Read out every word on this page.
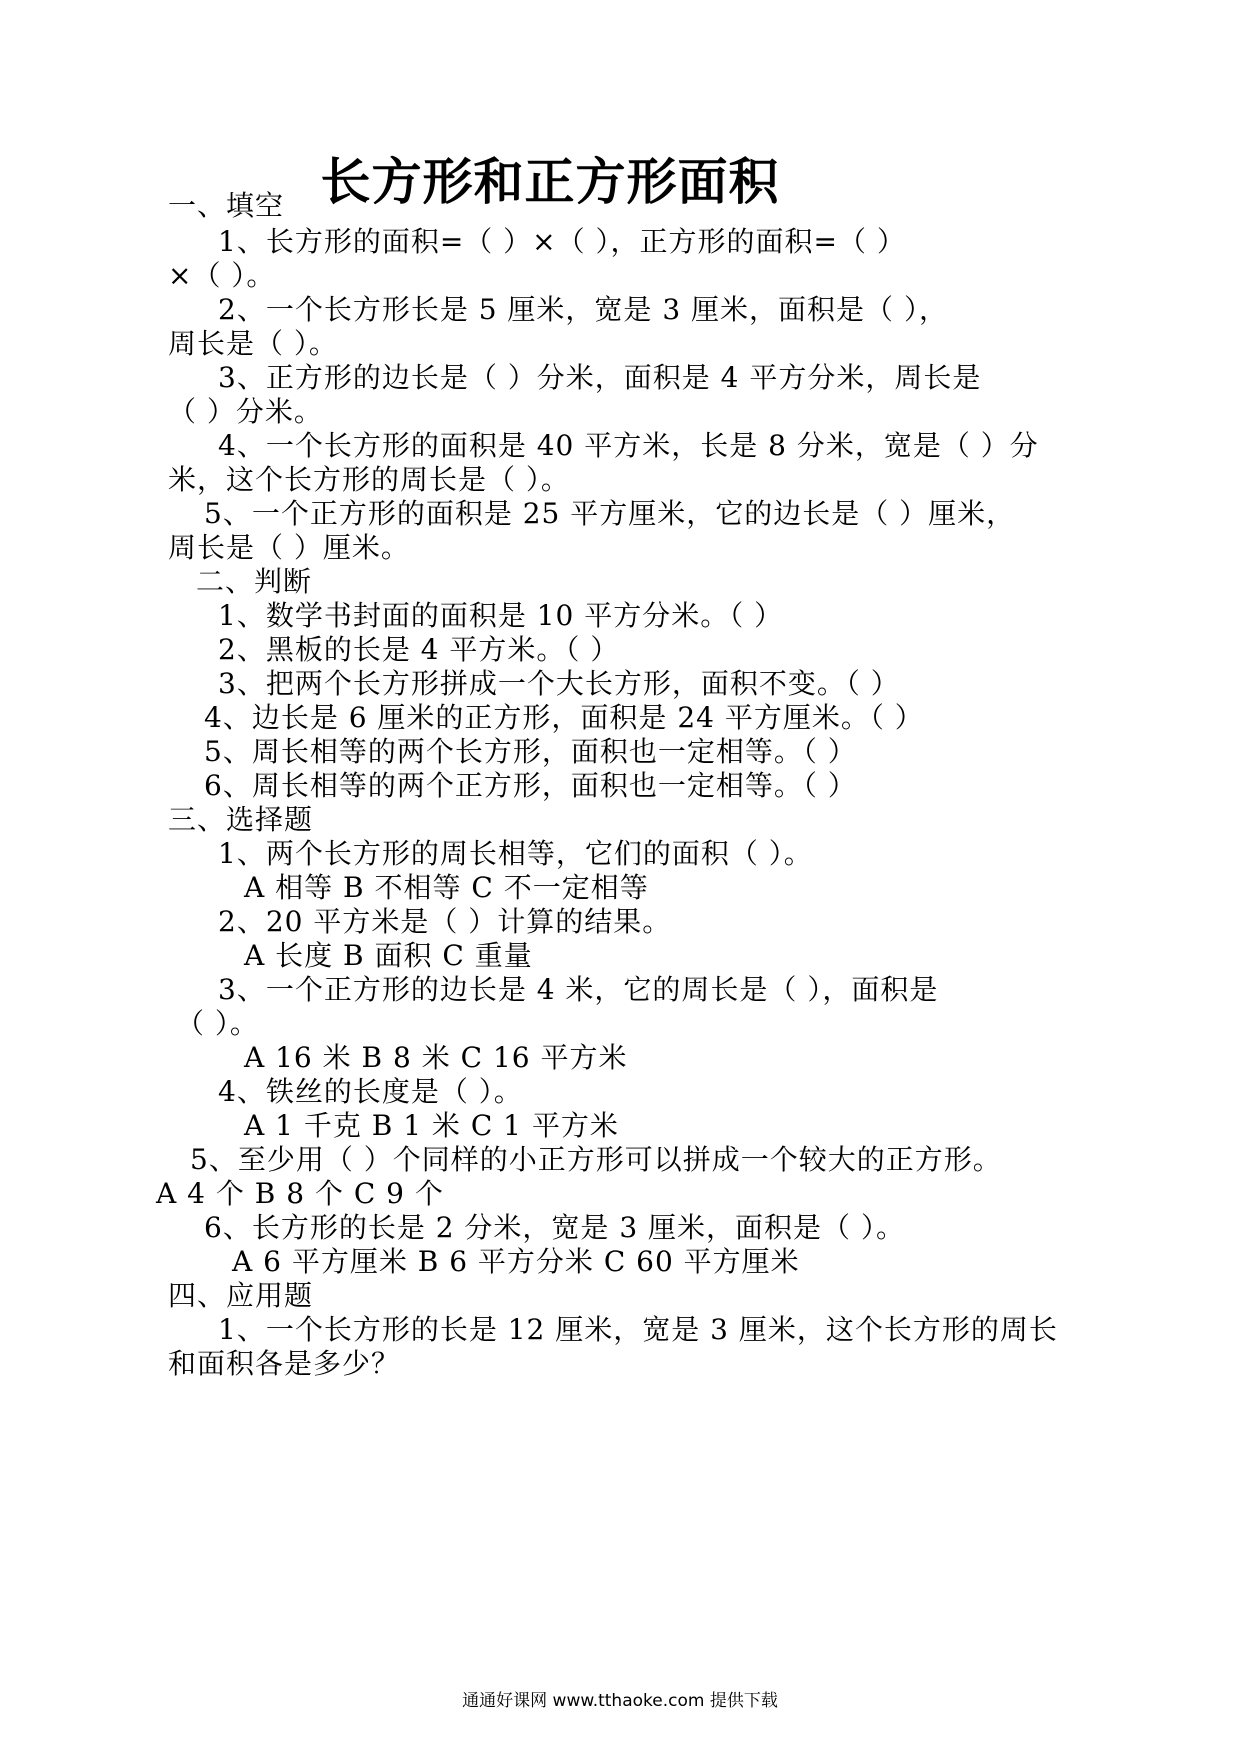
长方形和正方形面积
一、填空
1、长方形的面积=（ ）×（ ），正方形的面积=（ ）
×（ ）。
2、一个长方形长是 5 厘米，宽是 3 厘米，面积是（ ），
周长是（ ）。
3、正方形的边长是（ ）分米，面积是 4 平方分米，周长是
（ ）分米。
4、一个长方形的面积是 40 平方米，长是 8 分米，宽是（ ）分
米，这个长方形的周长是（ ）。
5、一个正方形的面积是 25 平方厘米，它的边长是（ ）厘米，
周长是（ ）厘米。
二、判断
1、数学书封面的面积是 10 平方分米。（ ）
2、黑板的长是 4 平方米。（ ）
3、把两个长方形拼成一个大长方形，面积不变。（ ）
4、边长是 6 厘米的正方形，面积是 24 平方厘米。（ ）
5、周长相等的两个长方形，面积也一定相等。（ ）
6、周长相等的两个正方形，面积也一定相等。（ ）
三、选择题
1、两个长方形的周长相等，它们的面积（ ）。
A 相等 B 不相等 C 不一定相等
2、20 平方米是（ ）计算的结果。
A 长度 B 面积 C 重量
3、一个正方形的边长是 4 米，它的周长是（ ），面积是
（ ）。
A 16 米 B 8 米 C 16 平方米
4、铁丝的长度是（ ）。
A 1 千克 B 1 米 C 1 平方米
5、至少用（ ）个同样的小正方形可以拼成一个较大的正方形。
A 4 个 B 8 个 C 9 个
6、长方形的长是 2 分米，宽是 3 厘米，面积是（ ）。
A 6 平方厘米 B 6 平方分米 C 60 平方厘米
四、应用题
1、一个长方形的长是 12 厘米，宽是 3 厘米，这个长方形的周长
和面积各是多少？
通通好课网 www.tthaoke.com 提供下载
